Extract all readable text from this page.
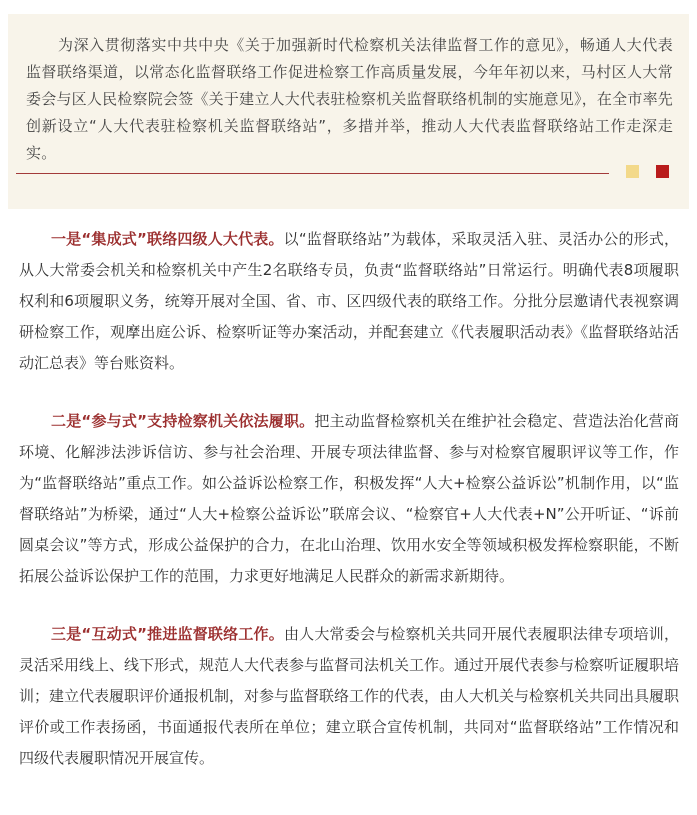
为深入贯彻落实中共中央《关于加强新时代检察机关法律监督工作的意见》，畅通人大代表监督联络渠道，以常态化监督联络工作促进检察工作高质量发展，今年年初以来，马村区人大常委会与区人民检察院会签《关于建立人大代表驻检察机关监督联络机制的实施意见》，在全市率先创新设立“人大代表驻检察机关监督联络站”，多措并举，推动人大代表监督联络站工作走深走实。

一是“集成式”联络四级人大代表。以“监督联络站”为载体，采取灵活入驻、灵活办公的形式，从人大常委会机关和检察机关中产生2名联络专员，负责“监督联络站”日常运行。明确代表8项履职权利和6项履职义务，统筹开展对全国、省、市、区四级代表的联络工作。分批分层邀请代表视察调研检察工作，观摩出庭公诉、检察听证等办案活动，并配套建立《代表履职活动表》《监督联络站活动汇总表》等台账资料。

二是“参与式”支持检察机关依法履职。把主动监督检察机关在维护社会稳定、营造法治化营商环境、化解涉法涉诉信访、参与社会治理、开展专项法律监督、参与对检察官履职评议等工作，作为“监督联络站”重点工作。如公益诉讼检察工作，积极发挥“人大+检察公益诉讼”机制作用，以“监督联络站”为桥梁，通过“人大+检察公益诉讼”联席会议、“检察官+人大代表+N”公开听证、“诉前圆桌会议”等方式，形成公益保护的合力，在北山治理、饮用水安全等领域积极发挥检察职能，不断拓展公益诉讼保护工作的范围，力求更好地满足人民群众的新需求新期待。

三是“互动式”推进监督联络工作。由人大常委会与检察机关共同开展代表履职法律专项培训，灵活采用线上、线下形式，规范人大代表参与监督司法机关工作。通过开展代表参与检察听证履职培训；建立代表履职评价通报机制，对参与监督联络工作的代表，由人大机关与检察机关共同出具履职评价或工作表扬函，书面通报代表所在单位；建立联合宣传机制，共同对“监督联络站”工作情况和四级代表履职情况开展宣传。
